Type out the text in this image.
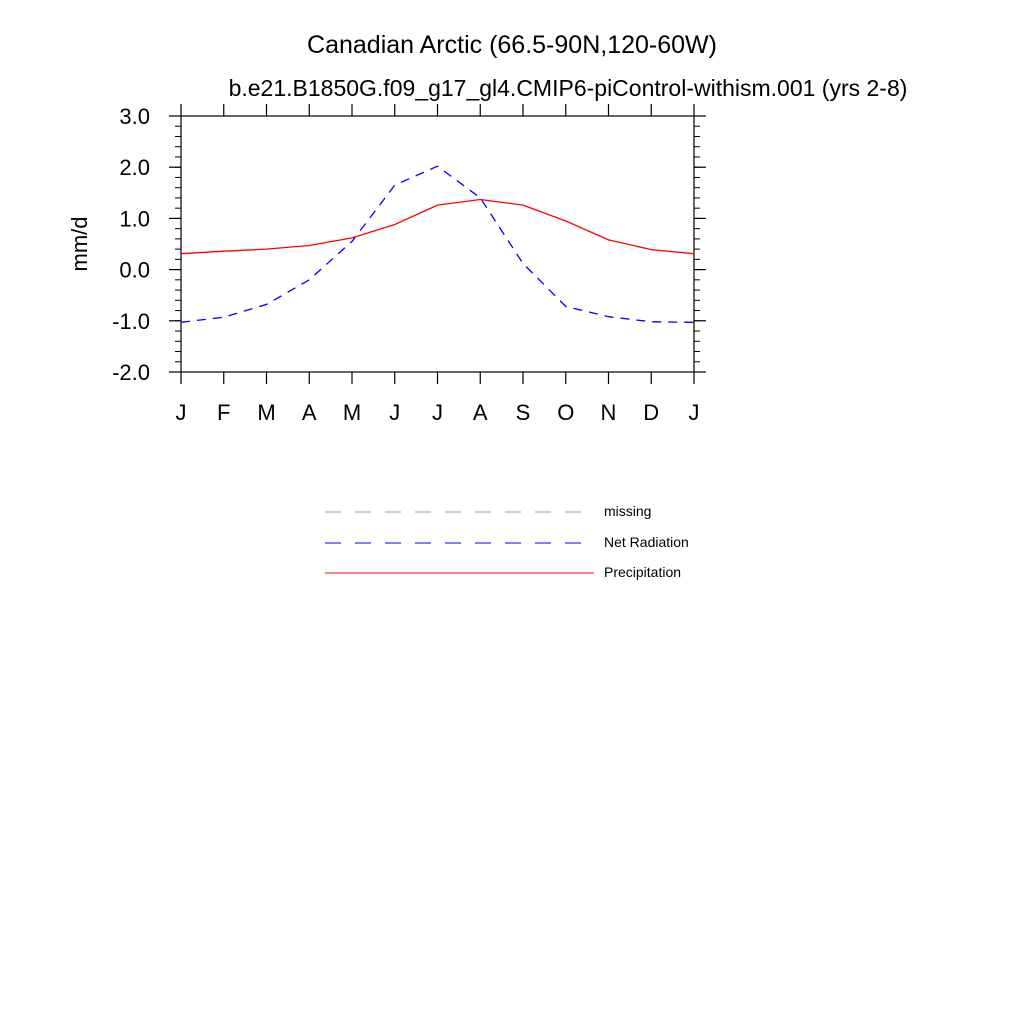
Canadian Arctic (66.5-90N,120-60W)
b.e21.B1850G.f09_g17_gl4.CMIP6-piControl-withism.001 (yrs 2-8)
mm/d
J F M A M J J A S O N D J
3.0
2.0
1.0
0.0
-1.0
-2.0
missing
Net Radiation
Precipitation
